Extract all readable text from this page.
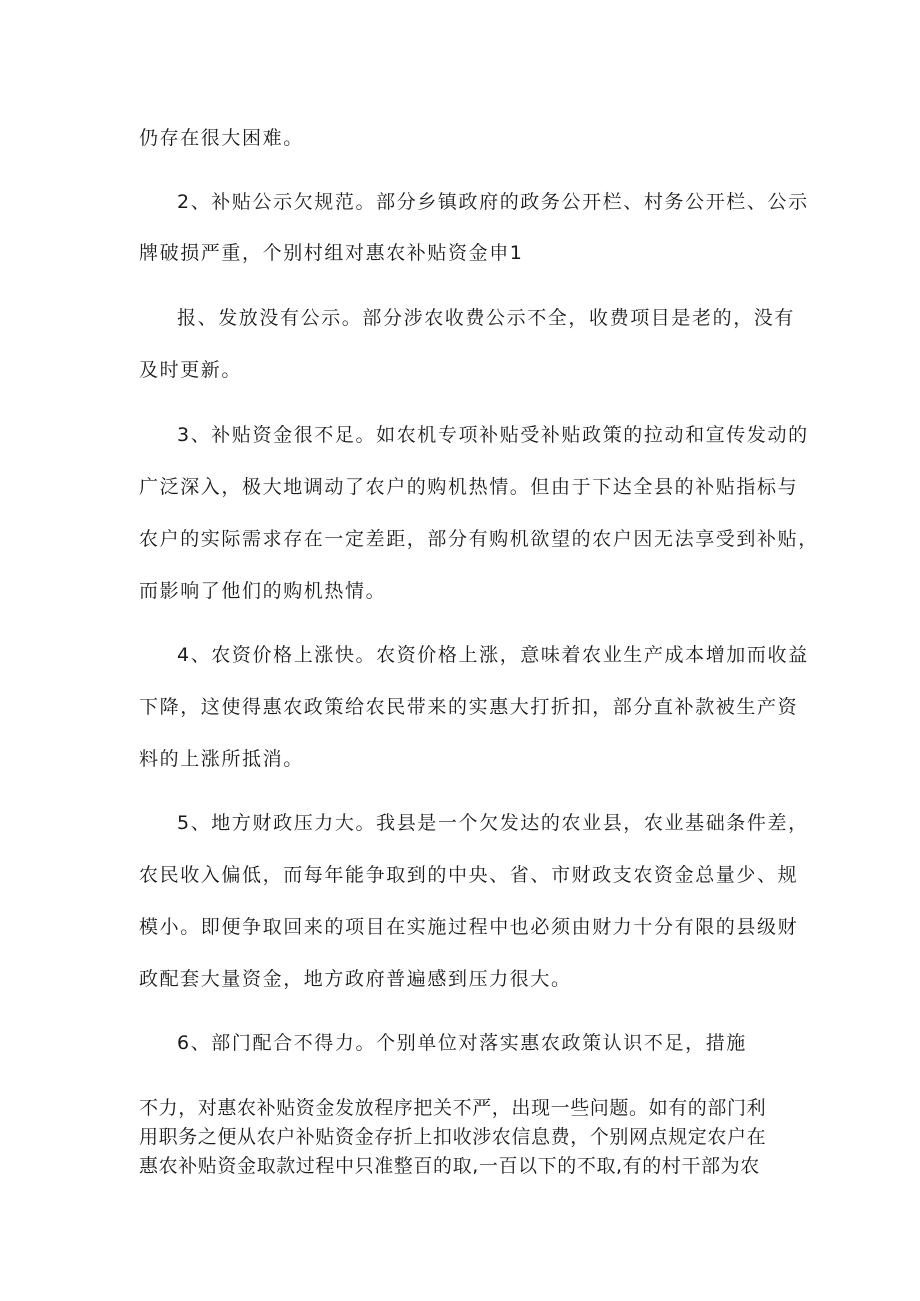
仍存在很大困难。
2、补贴公示欠规范。部分乡镇政府的政务公开栏、村务公开栏、公示
牌破损严重，个别村组对惠农补贴资金申1
报、发放没有公示。部分涉农收费公示不全，收费项目是老的，没有
及时更新。
3、补贴资金很不足。如农机专项补贴受补贴政策的拉动和宣传发动的
广泛深入，极大地调动了农户的购机热情。但由于下达全县的补贴指标与
农户的实际需求存在一定差距，部分有购机欲望的农户因无法享受到补贴，
而影响了他们的购机热情。
4、农资价格上涨快。农资价格上涨，意味着农业生产成本增加而收益
下降，这使得惠农政策给农民带来的实惠大打折扣，部分直补款被生产资
料的上涨所抵消。
5、地方财政压力大。我县是一个欠发达的农业县，农业基础条件差，
农民收入偏低，而每年能争取到的中央、省、市财政支农资金总量少、规
模小。即便争取回来的项目在实施过程中也必须由财力十分有限的县级财
政配套大量资金，地方政府普遍感到压力很大。
6、部门配合不得力。个别单位对落实惠农政策认识不足，措施
不力，对惠农补贴资金发放程序把关不严，出现一些问题。如有的部门利
用职务之便从农户补贴资金存折上扣收涉农信息费，个别网点规定农户在
惠农补贴资金取款过程中只准整百的取,一百以下的不取,有的村干部为农
